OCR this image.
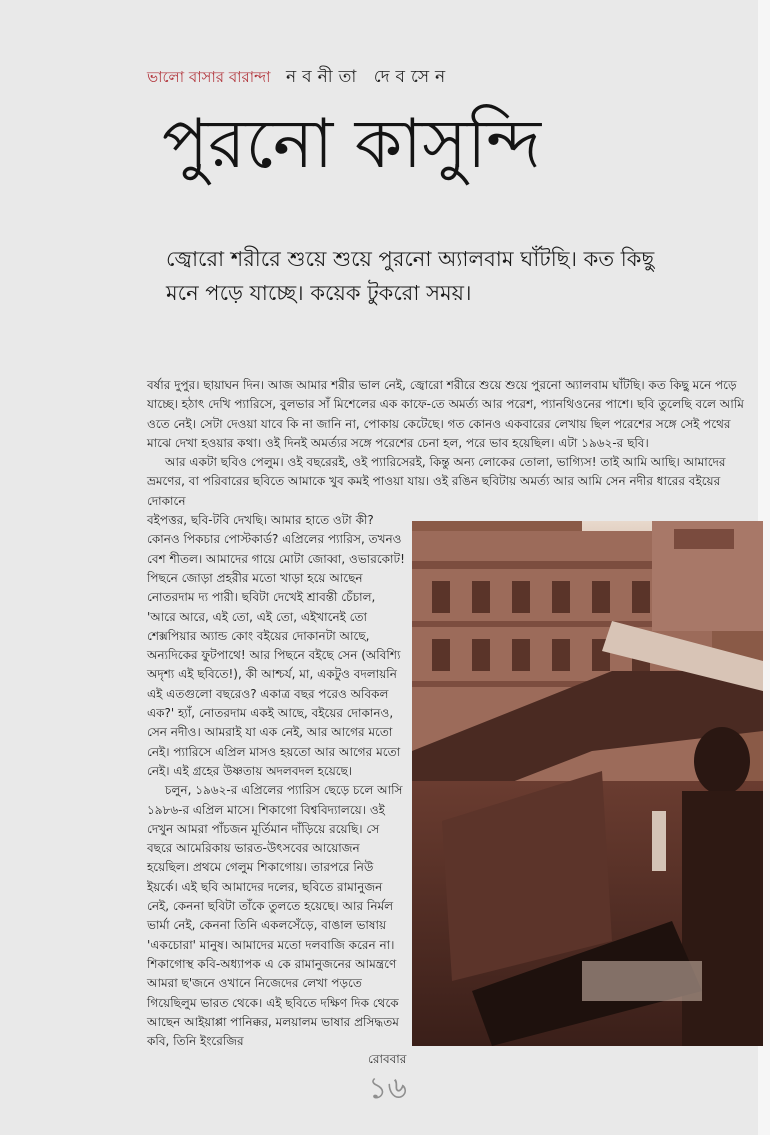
ভালো বাসার বারান্দা নবনীতা দেবসেন
পুরনো কাসুন্দি

জ্বোরো শরীরে শুয়ে শুয়ে পুরনো অ্যালবাম ঘাঁটছি। কত কিছু মনে পড়ে যাচ্ছে। কয়েক টুকরো সময়।

বর্ষার দুপুর। ছায়াঘন দিন। আজ আমার শরীর ভাল নেই, জ্বোরো শরীরে শুয়ে শুয়ে পুরনো অ্যালবাম ঘাঁটছি। কত কিছু মনে পড়ে যাচ্ছে। হঠাৎ দেখি প্যারিসে, বুলভার সাঁ মিশেলের এক কাফে-তে অমর্ত্য আর পরেশ, প্যানথিওনের পাশে। ছবি তুলেছি বলে আমি ওতে নেই। সেটা দেওয়া যাবে কি না জানি না, পোকায় কেটেছে। গত কোনও একবারের লেখায় ছিল পরেশের সঙ্গে সেই পথের মাঝে দেখা হওয়ার কথা। ওই দিনই অমর্ত্যর সঙ্গে পরেশের চেনা হল, পরে ভাব হয়েছিল। এটা ১৯৬২-র ছবি।
আর একটা ছবিও পেলুম। ওই বছরেরই, ওই প্যারিসেরই, কিন্তু অন্য লোকের তোলা, ভাগ্যিস! তাই আমি আছি। আমাদের ভ্রমণের, বা পরিবারের ছবিতে আমাকে খুব কমই পাওয়া যায়। ওই রঙিন ছবিটায় অমর্ত্য আর আমি সেন নদীর ধারের বইয়ের দোকানে
বইপত্তর, ছবি-টবি দেখছি। আমার হাতে ওটা কী? কোনও পিকচার পোস্টকার্ড? এপ্রিলের প্যারিস, তখনও বেশ শীতল। আমাদের গায়ে মোটা জোব্বা, ওভারকোট! পিছনে জোড়া প্রহরীর মতো খাড়া হয়ে আছেন নোতরদাম দ্য পারী। ছবিটা দেখেই শ্রাবন্তী চেঁচাল, 'আরে আরে, এই তো, এই তো, এইখানেই তো শেক্সপিয়ার অ্যান্ড কোং বইয়ের দোকানটা আছে, অন্যদিকের ফুটপাথে! আর পিছনে বইছে সেন (অবিশ্যি অদৃশ্য এই ছবিতে!), কী আশ্চর্য, মা, একটুও বদলায়নি এই এতগুলো বছরেও? একাত্র বছর পরেও অবিকল এক?' হ্যাঁ, নোতরদাম একই আছে, বইয়ের দোকানও, সেন নদীও। আমরাই যা এক নেই, আর আগের মতো নেই। প্যারিসে এপ্রিল মাসও হয়তো আর আগের মতো নেই। এই গ্রহের উষ্ণতায় অদলবদল হয়েছে।
চলুন, ১৯৬২-র এপ্রিলের প্যারিস ছেড়ে চলে আসি ১৯৮৬-র এপ্রিল মাসে। শিকাগো বিশ্ববিদ্যালয়ে। ওই দেখুন আমরা পাঁচজন মূর্তিমান দাঁড়িয়ে রয়েছি। সে বছরে আমেরিকায় ভারত-উৎসবের আয়োজন হয়েছিল। প্রথমে গেলুম শিকাগোয়। তারপরে নিউ ইয়র্কে। এই ছবি আমাদের দলের, ছবিতে রামানুজন নেই, কেননা ছবিটা তাঁকে তুলতে হয়েছে। আর নির্মল ভার্মা নেই, কেননা তিনি একলসেঁড়ে, বাঙাল ভাষায় 'একচোরা' মানুষ। আমাদের মতো দলবাজি করেন না। শিকাগোস্থ কবি-অধ্যাপক এ কে রামানুজনের আমন্ত্রণে আমরা ছ'জনে ওখানে নিজেদের লেখা পড়তে গিয়েছিলুম ভারত থেকে। এই ছবিতে দক্ষিণ দিক থেকে আছেন আইয়াপ্পা পানিক্কর, মলয়ালম ভাষার প্রসিদ্ধতম কবি, তিনি ইংরেজির
রোববার
১৬
